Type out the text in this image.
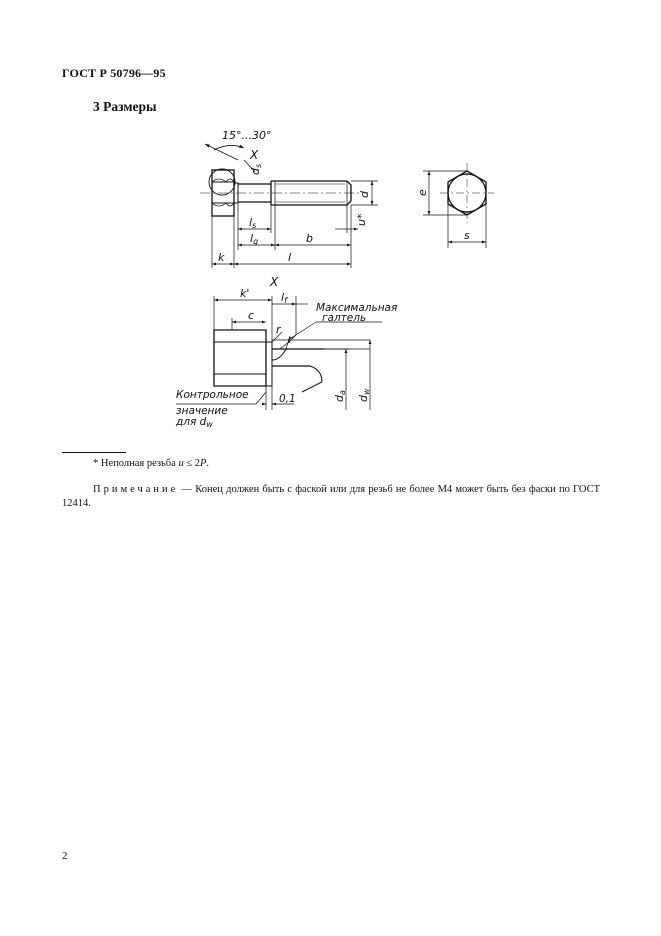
ГОСТ Р 50796—95
3 Размеры
15°...30°
X
ds
d
ls	u*
lg	b
k	l
e
s
X
k'	lf
c
r
r
Максимальная
галтель
Контрольное
значение
для dw
0,1	da
dw
* Неполная резьба u ≤ 2P.
Примечание — Конец должен быть с фаской или для резьб не более М4 может быть без фаски по ГОСТ 12414.
2
